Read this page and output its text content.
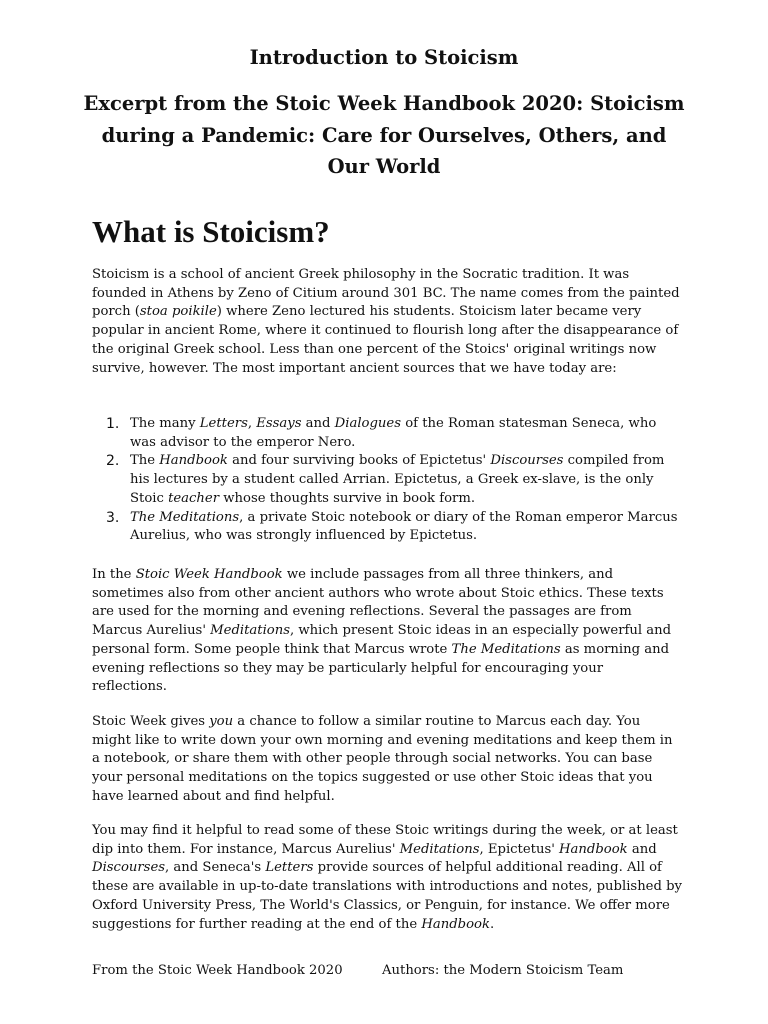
Introduction to Stoicism
Excerpt from the Stoic Week Handbook 2020: Stoicism
during a Pandemic: Care for Ourselves, Others, and
Our World
What is Stoicism?

Stoicism is a school of ancient Greek philosophy in the Socratic tradition. It was founded in Athens by Zeno of Citium around 301 BC. The name comes from the painted porch (stoa poikile) where Zeno lectured his students. Stoicism later became very popular in ancient Rome, where it continued to flourish long after the disappearance of the original Greek school. Less than one percent of the Stoics' original writings now survive, however. The most important ancient sources that we have today are:

1. The many Letters, Essays and Dialogues of the Roman statesman Seneca, who was advisor to the emperor Nero.
2. The Handbook and four surviving books of Epictetus' Discourses compiled from his lectures by a student called Arrian. Epictetus, a Greek ex-slave, is the only Stoic teacher whose thoughts survive in book form.
3. The Meditations, a private Stoic notebook or diary of the Roman emperor Marcus Aurelius, who was strongly influenced by Epictetus.

In the Stoic Week Handbook we include passages from all three thinkers, and sometimes also from other ancient authors who wrote about Stoic ethics. These texts are used for the morning and evening reflections. Several the passages are from Marcus Aurelius' Meditations, which present Stoic ideas in an especially powerful and personal form. Some people think that Marcus wrote The Meditations as morning and evening reflections so they may be particularly helpful for encouraging your reflections.

Stoic Week gives you a chance to follow a similar routine to Marcus each day. You might like to write down your own morning and evening meditations and keep them in a notebook, or share them with other people through social networks. You can base your personal meditations on the topics suggested or use other Stoic ideas that you have learned about and find helpful.

You may find it helpful to read some of these Stoic writings during the week, or at least dip into them. For instance, Marcus Aurelius' Meditations, Epictetus' Handbook and Discourses, and Seneca's Letters provide sources of helpful additional reading. All of these are available in up-to-date translations with introductions and notes, published by Oxford University Press, The World's Classics, or Penguin, for instance. We offer more suggestions for further reading at the end of the Handbook.

From the Stoic Week Handbook 2020	Authors: the Modern Stoicism Team
